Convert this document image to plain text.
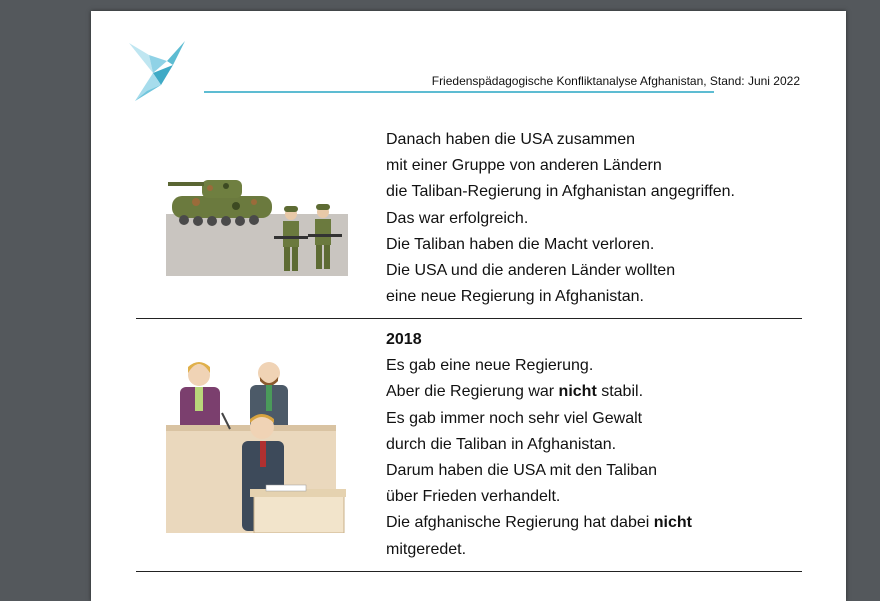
Friedenspädagogische Konfliktanalyse Afghanistan, Stand: Juni 2022
Danach haben die USA zusammen
mit einer Gruppe von anderen Ländern
die Taliban-Regierung in Afghanistan angegriffen.
Das war erfolgreich.
Die Taliban haben die Macht verloren.
Die USA und die anderen Länder wollten
eine neue Regierung in Afghanistan.
2018
Es gab eine neue Regierung.
Aber die Regierung war nicht stabil.
Es gab immer noch sehr viel Gewalt
durch die Taliban in Afghanistan.
Darum haben die USA mit den Taliban
über Frieden verhandelt.
Die afghanische Regierung hat dabei nicht
mitgeredet.
